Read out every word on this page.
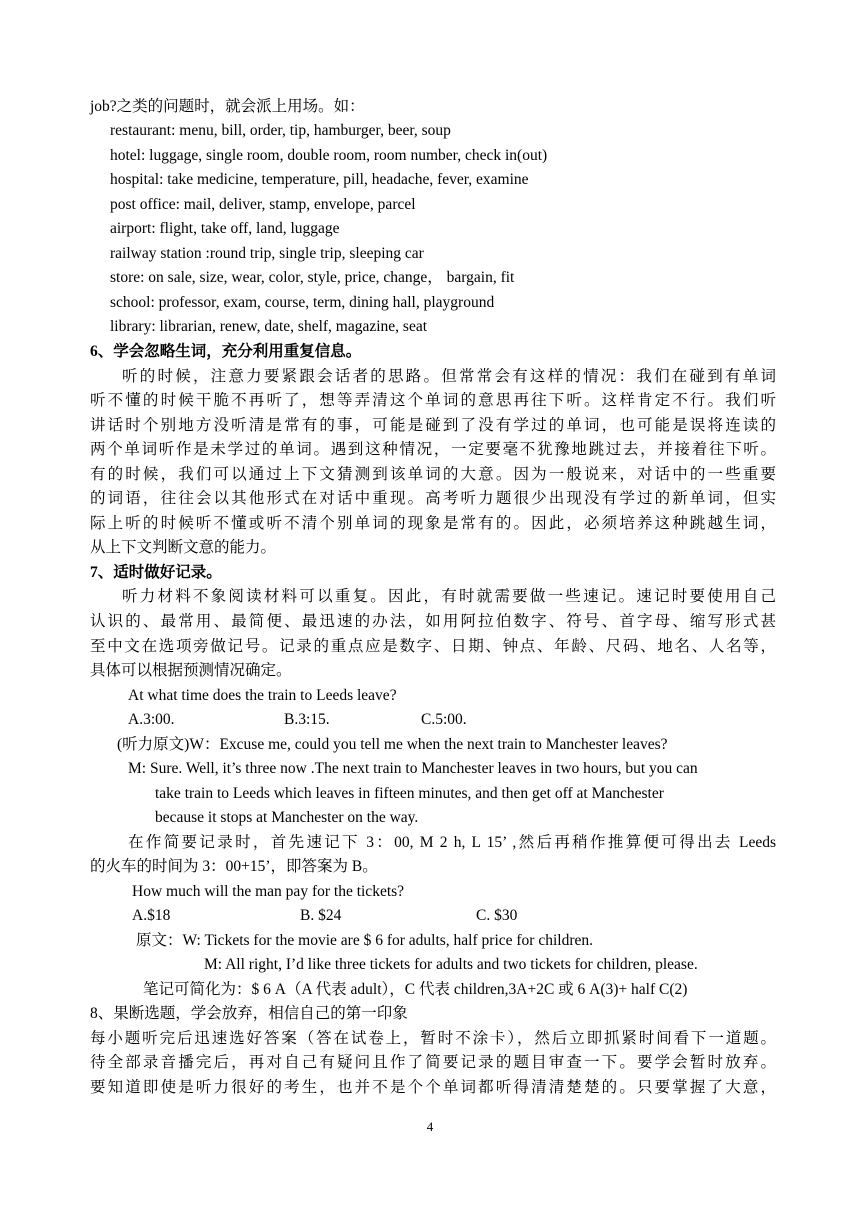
job?之类的问题时，就会派上用场。如：
restaurant: menu, bill, order, tip, hamburger, beer, soup
hotel: luggage, single room, double room, room number, check in(out)
hospital: take medicine, temperature, pill, headache, fever, examine
post office: mail, deliver, stamp, envelope, parcel
airport: flight, take off, land, luggage
railway station :round trip, single trip, sleeping car
store: on sale, size, wear, color, style, price, change， bargain, fit
school: professor, exam, course, term, dining hall, playground
library: librarian, renew, date, shelf, magazine, seat
6、学会忽略生词，充分利用重复信息。
听的时候，注意力要紧跟会话者的思路。但常常会有这样的情况：我们在碰到有单词
听不懂的时候干脆不再听了，想等弄清这个单词的意思再往下听。这样肯定不行。我们听
讲话时个别地方没听清是常有的事，可能是碰到了没有学过的单词，也可能是误将连读的
两个单词听作是未学过的单词。遇到这种情况，一定要毫不犹豫地跳过去，并接着往下听。
有的时候，我们可以通过上下文猜测到该单词的大意。因为一般说来，对话中的一些重要
的词语，往往会以其他形式在对话中重现。高考听力题很少出现没有学过的新单词，但实
际上听的时候听不懂或听不清个别单词的现象是常有的。因此，必须培养这种跳越生词，
从上下文判断文意的能力。
7、适时做好记录。
听力材料不象阅读材料可以重复。因此，有时就需要做一些速记。速记时要使用自己
认识的、最常用、最简便、最迅速的办法，如用阿拉伯数字、符号、首字母、缩写形式甚
至中文在选项旁做记号。记录的重点应是数字、日期、钟点、年龄、尺码、地名、人名等，
具体可以根据预测情况确定。
At what time does the train to Leeds leave?
A.3:00.	B.3:15.	C.5:00.
(听力原文)W：Excuse me, could you tell me when the next train to Manchester leaves?
M: Sure. Well, it’s three now .The next train to Manchester leaves in two hours, but you can
take train to Leeds which leaves in fifteen minutes, and then get off at Manchester
because it stops at Manchester on the way.
在作简要记录时，首先速记下 3：00, M 2 h, L 15’ ,然后再稍作推算便可得出去 Leeds
的火车的时间为 3：00+15’，即答案为 B。
How much will the man pay for the tickets?
A.$18	B. $24	C. $30
原文：W: Tickets for the movie are $ 6 for adults, half price for children.
M: All right, I’d like three tickets for adults and two tickets for children, please.
笔记可简化为：$ 6 A（A 代表 adult），C 代表 children,3A+2C 或 6 A(3)+ half C(2)
8、果断选题，学会放弃，相信自己的第一印象
每小题听完后迅速选好答案（答在试卷上，暂时不涂卡），然后立即抓紧时间看下一道题。
待全部录音播完后，再对自己有疑问且作了简要记录的题目审查一下。要学会暂时放弃。
要知道即使是听力很好的考生，也并不是个个单词都听得清清楚楚的。只要掌握了大意，
4
